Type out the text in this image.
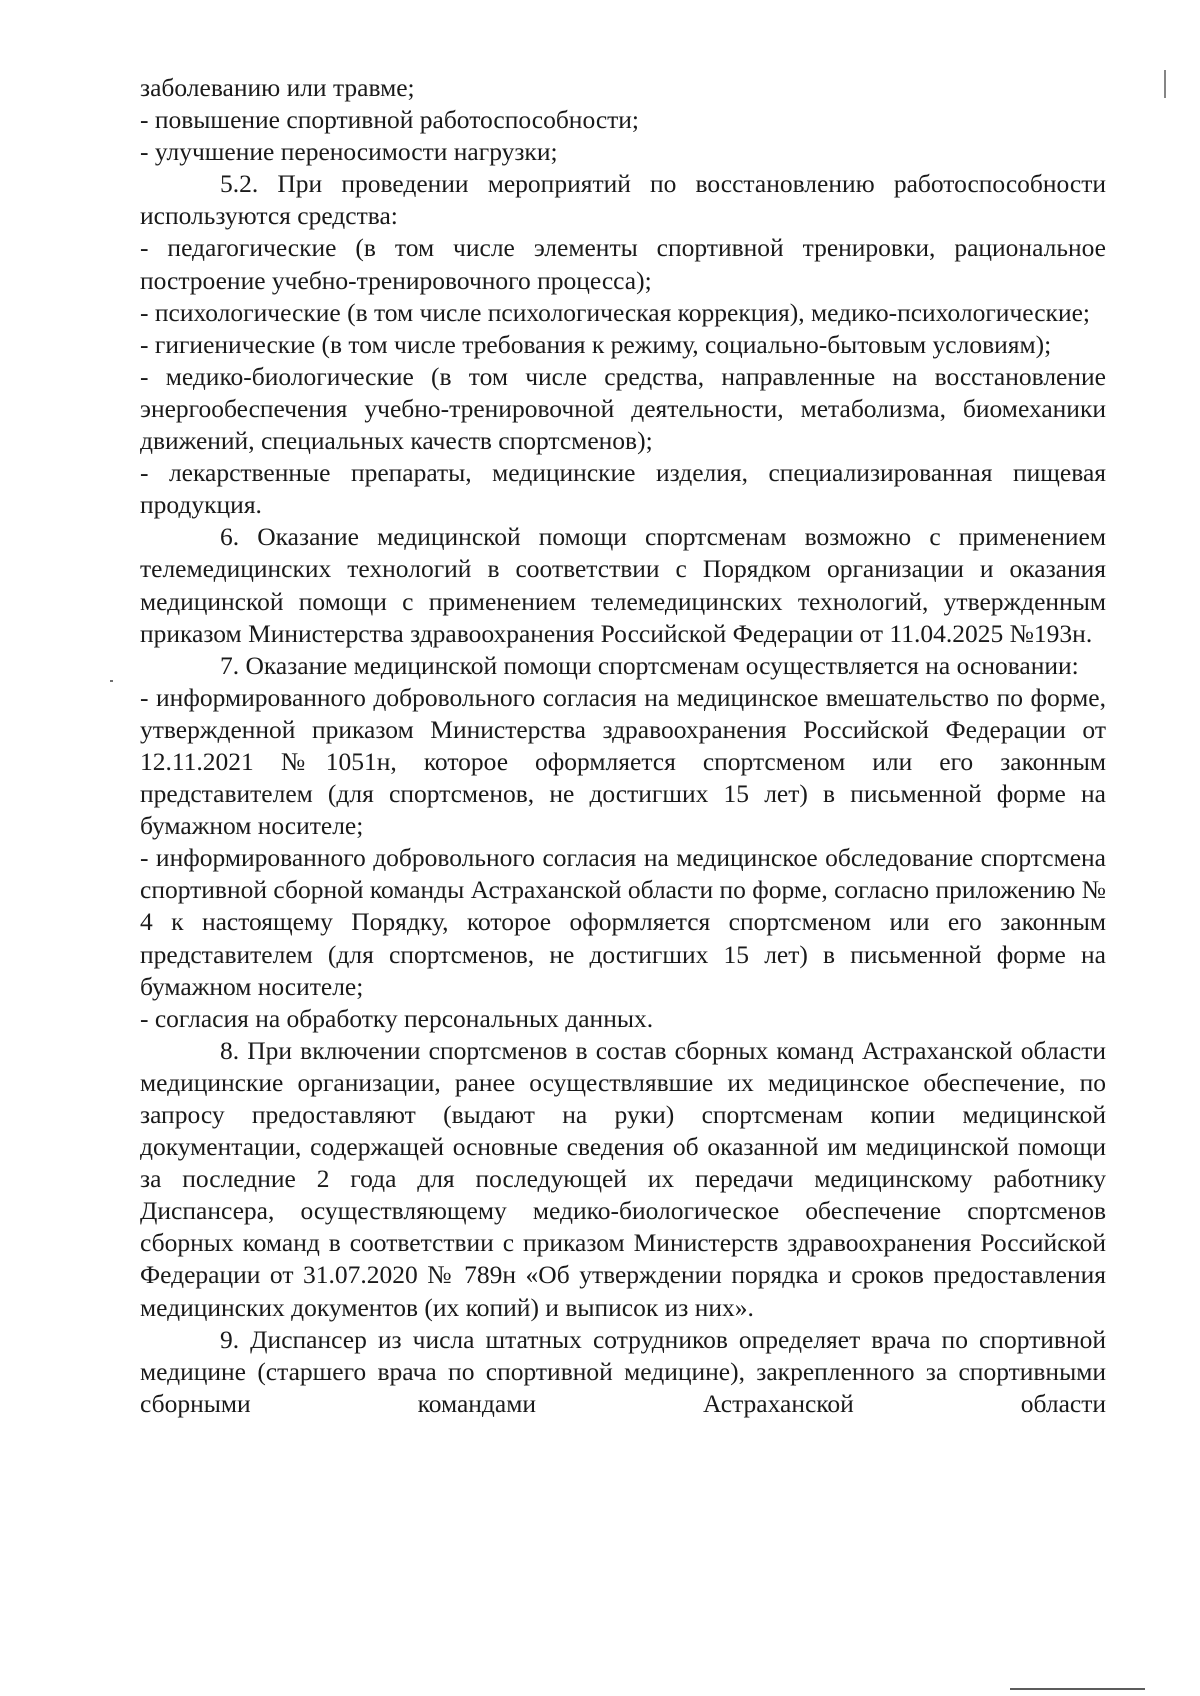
заболеванию или травме;

- повышение спортивной работоспособности;

- улучшение переносимости нагрузки;

5.2. При проведении мероприятий по восстановлению работоспособности используются средства:

- педагогические (в том числе элементы спортивной тренировки, рациональное построение учебно-тренировочного процесса);

- психологические (в том числе психологическая коррекция), медико-психологические;

- гигиенические (в том числе требования к режиму, социально-бытовым условиям);

- медико-биологические (в том числе средства, направленные на восстановление энергообеспечения учебно-тренировочной деятельности, метаболизма, биомеханики движений, специальных качеств спортсменов);

- лекарственные препараты, медицинские изделия, специализированная пищевая продукция.

6. Оказание медицинской помощи спортсменам возможно с применением телемедицинских технологий в соответствии с Порядком организации и оказания медицинской помощи с применением телемедицинских технологий, утвержденным приказом Министерства здравоохранения Российской Федерации от 11.04.2025 №193н.

7. Оказание медицинской помощи спортсменам осуществляется на основании:

- информированного добровольного согласия на медицинское вмешательство по форме, утвержденной приказом Министерства здравоохранения Российской Федерации от 12.11.2021 №1051н, которое оформляется спортсменом или его законным представителем (для спортсменов, не достигших 15 лет) в письменной форме на бумажном носителе;

- информированного добровольного согласия на медицинское обследование спортсмена спортивной сборной команды Астраханской области по форме, согласно приложению № 4 к настоящему Порядку, которое оформляется спортсменом или его законным представителем (для спортсменов, не достигших 15 лет) в письменной форме на бумажном носителе;

- согласия на обработку персональных данных.

8. При включении спортсменов в состав сборных команд Астраханской области медицинские организации, ранее осуществлявшие их медицинское обеспечение, по запросу предоставляют (выдают на руки) спортсменам копии медицинской документации, содержащей основные сведения об оказанной им медицинской помощи за последние 2 года для последующей их передачи медицинскому работнику Диспансера, осуществляющему медико-биологическое обеспечение спортсменов сборных команд в соответствии с приказом Министерств здравоохранения Российской Федерации от 31.07.2020 № 789н «Об утверждении порядка и сроков предоставления медицинских документов (их копий) и выписок из них».

9. Диспансер из числа штатных сотрудников определяет врача по спортивной медицине (старшего врача по спортивной медицине), закрепленного за спортивными сборными командами Астраханской области
